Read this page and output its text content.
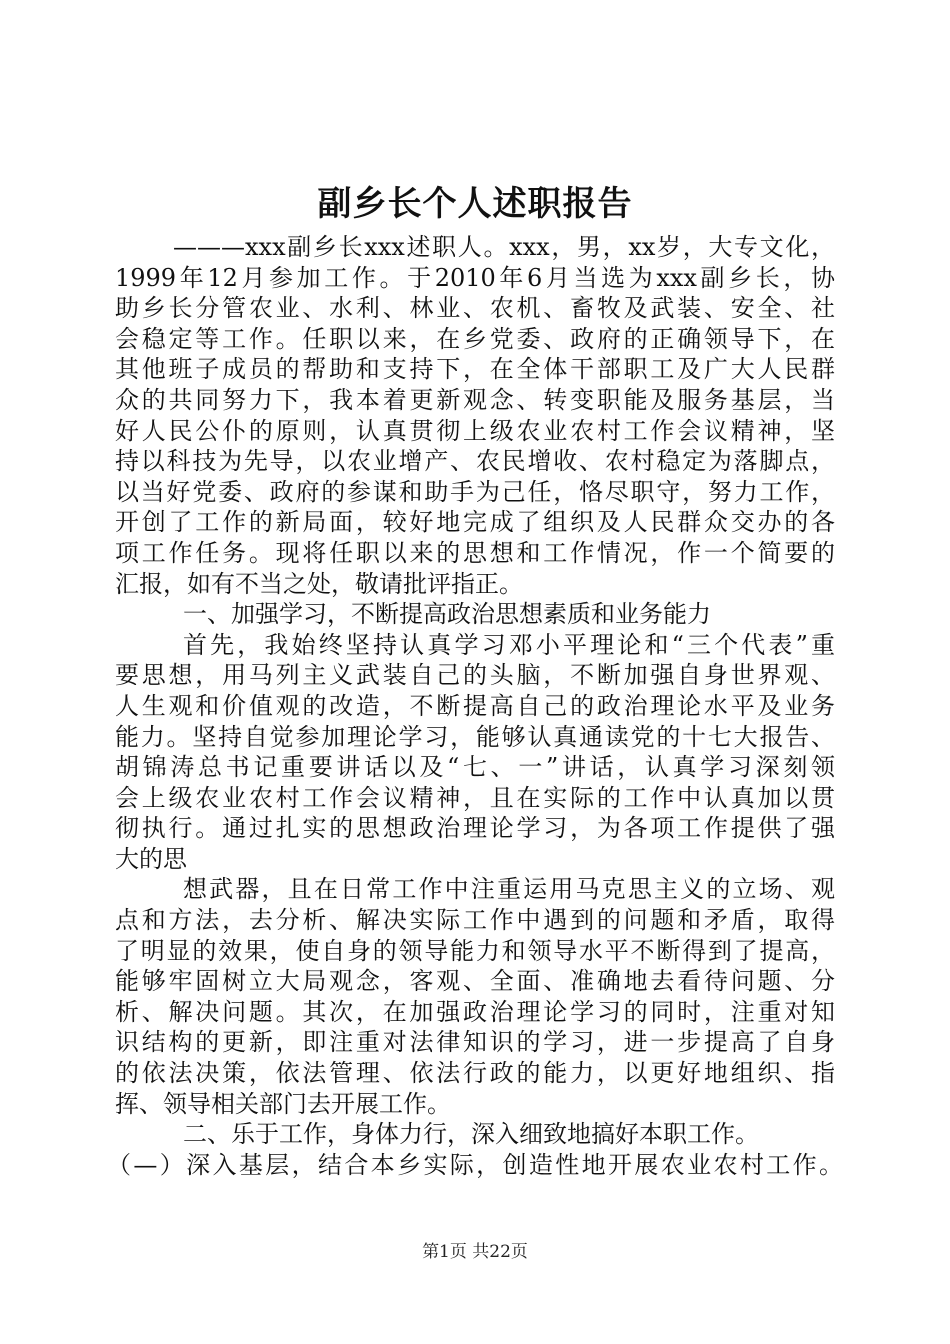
副乡长个人述职报告
———xxx副乡长xxx述职人。xxx，男，xx岁，大专文化，
1999年12月参加工作。于2010年6月当选为xxx副乡长，协
助乡长分管农业、水利、林业、农机、畜牧及武装、安全、社
会稳定等工作。任职以来，在乡党委、政府的正确领导下，在
其他班子成员的帮助和支持下，在全体干部职工及广大人民群
众的共同努力下，我本着更新观念、转变职能及服务基层，当
好人民公仆的原则，认真贯彻上级农业农村工作会议精神，坚
持以科技为先导，以农业增产、农民增收、农村稳定为落脚点，
以当好党委、政府的参谋和助手为己任，恪尽职守，努力工作，
开创了工作的新局面，较好地完成了组织及人民群众交办的各
项工作任务。现将任职以来的思想和工作情况，作一个简要的
汇报，如有不当之处，敬请批评指正。
一、加强学习，不断提高政治思想素质和业务能力
首先，我始终坚持认真学习邓小平理论和“三个代表”重
要思想，用马列主义武装自己的头脑，不断加强自身世界观、
人生观和价值观的改造，不断提高自己的政治理论水平及业务
能力。坚持自觉参加理论学习，能够认真通读党的十七大报告、
胡锦涛总书记重要讲话以及“七、一”讲话，认真学习深刻领
会上级农业农村工作会议精神，且在实际的工作中认真加以贯
彻执行。通过扎实的思想政治理论学习，为各项工作提供了强
大的思
想武器，且在日常工作中注重运用马克思主义的立场、观
点和方法，去分析、解决实际工作中遇到的问题和矛盾，取得
了明显的效果，使自身的领导能力和领导水平不断得到了提高，
能够牢固树立大局观念，客观、全面、准确地去看待问题、分
析、解决问题。其次，在加强政治理论学习的同时，注重对知
识结构的更新，即注重对法律知识的学习，进一步提高了自身
的依法决策，依法管理、依法行政的能力，以更好地组织、指
挥、领导相关部门去开展工作。
二、乐于工作，身体力行，深入细致地搞好本职工作。
（—）深入基层，结合本乡实际，创造性地开展农业农村工作。
第1页 共22页
